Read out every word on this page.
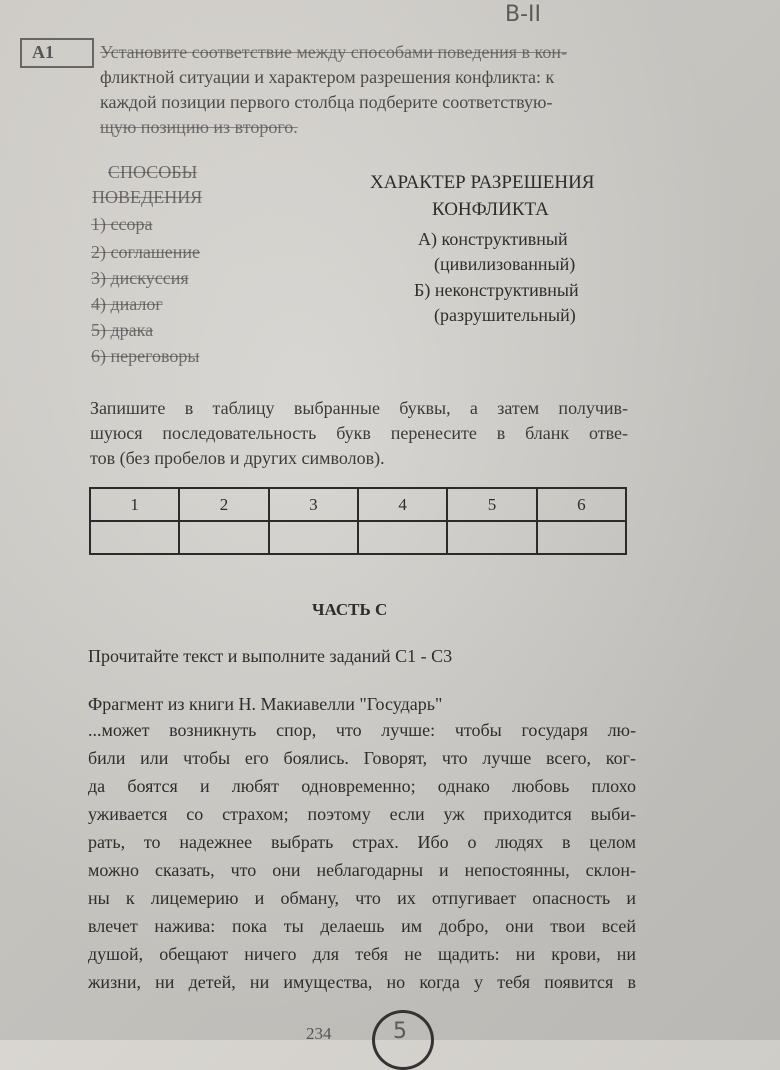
В-II
А1	Установите соответствие между способами поведения в кон-
фликтной ситуации и характером разрешения конфликта: к
каждой позиции первого столбца подберите соответствую-
щую позицию из второго.
СПОСОБЫ
ПОВЕДЕНИЯ
1) ссора
2) соглашение
3) дискуссия
4) диалог
5) драка
6) переговоры
ХАРАКТЕР РАЗРЕШЕНИЯ
КОНФЛИКТА
А) конструктивный
(цивилизованный)
Б) неконструктивный
(разрушительный)
Запишите в таблицу выбранные буквы, а затем получив-
шуюся последовательность букв перенесите в бланк отве-
тов (без пробелов и других символов).
1	2	3	4	5	6

ЧАСТЬ С
Прочитайте текст и выполните заданий С1 - С3
Фрагмент из книги Н. Макиавелли "Государь"
...может возникнуть спор, что лучше: чтобы государя лю-
били или чтобы его боялись. Говорят, что лучше всего, ког-
да боятся и любят одновременно; однако любовь плохо
уживается со страхом; поэтому если уж приходится выби-
рать, то надежнее выбрать страх. Ибо о людях в целом
можно сказать, что они неблагодарны и непостоянны, склон-
ны к лицемерию и обману, что их отпугивает опасность и
влечет нажива: пока ты делаешь им добро, они твои всей
душой, обещают ничего для тебя не щадить: ни крови, ни
жизни, ни детей, ни имущества, но когда у тебя появится в
234	5
